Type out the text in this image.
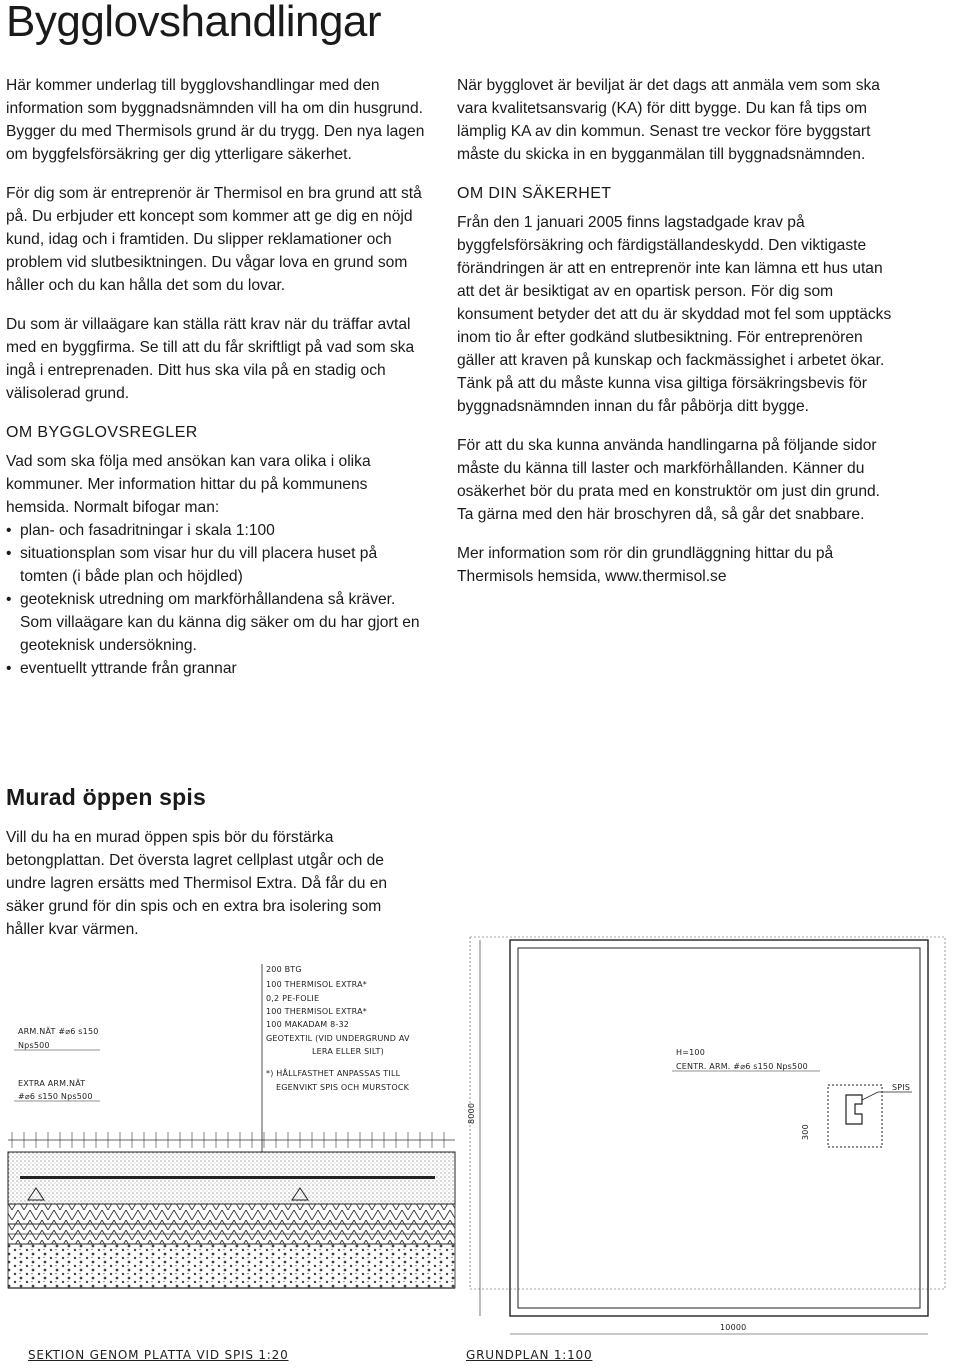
Bygglovshandlingar

Här kommer underlag till bygglovshandlingar med den information som byggnadsnämnden vill ha om din husgrund. Bygger du med Thermisols grund är du trygg. Den nya lagen om byggfelsförsäkring ger dig ytterligare säkerhet.

För dig som är entreprenör är Thermisol en bra grund att stå på. Du erbjuder ett koncept som kommer att ge dig en nöjd kund, idag och i framtiden. Du slipper reklamationer och problem vid slutbesiktningen. Du vågar lova en grund som håller och du kan hålla det som du lovar.

Du som är villaägare kan ställa rätt krav när du träffar avtal med en byggfirma. Se till att du får skriftligt på vad som ska ingå i entreprenaden. Ditt hus ska vila på en stadig och välisolerad grund.

OM BYGGLOVSREGLER

Vad som ska följa med ansökan kan vara olika i olika kommuner. Mer information hittar du på kommunens hemsida. Normalt bifogar man:

• plan- och fasadritningar i skala 1:100
• situationsplan som visar hur du vill placera huset på tomten (i både plan och höjdled)
• geoteknisk utredning om markförhållandena så kräver. Som villaägare kan du känna dig säker om du har gjort en geoteknisk undersökning.
• eventuellt yttrande från grannar

När bygglovet är beviljat är det dags att anmäla vem som ska vara kvalitetsansvarig (KA) för ditt bygge. Du kan få tips om lämplig KA av din kommun. Senast tre veckor före byggstart måste du skicka in en bygganmälan till byggnadsnämnden.

OM DIN SÄKERHET

Från den 1 januari 2005 finns lagstadgade krav på byggfelsförsäkring och färdigställandeskydd. Den viktigaste förändringen är att en entreprenör inte kan lämna ett hus utan att det är besiktigat av en opartisk person. För dig som konsument betyder det att du är skyddad mot fel som upptäcks inom tio år efter godkänd slutbesiktning. För entreprenören gäller att kraven på kunskap och fackmässighet i arbetet ökar. Tänk på att du måste kunna visa giltiga försäkringsbevis för byggnadsnämnden innan du får påbörja ditt bygge.

För att du ska kunna använda handlingarna på följande sidor måste du känna till laster och markförhållanden. Känner du osäkerhet bör du prata med en konstruktör om just din grund. Ta gärna med den här broschyren då, så går det snabbare.

Mer information som rör din grundläggning hittar du på Thermisols hemsida, www.thermisol.se

Murad öppen spis

Vill du ha en murad öppen spis bör du förstärka betongplattan. Det översta lagret cellplast utgår och de undre lagren ersätts med Thermisol Extra. Då får du en säker grund för din spis och en extra bra isolering som håller kvar värmen.

200 BTG
100 THERMISOL EXTRA*
0,2 PE-FOLIE
100 THERMISOL EXTRA*
100 MAKADAM 8-32
GEOTEXTIL (VID UNDERGRUND AV
LERA ELLER SILT)
*) HÅLLFASTHET ANPASSAS TILL
EGENVIKT SPIS OCH MURSTOCK
ARM.NÄT #⌀6 s150
Nps500
EXTRA ARM.NÄT
#⌀6 s150 Nps500
SPIS
H=100
CENTR. ARM. #⌀6 s150 Nps500
300
8000
10000
SEKTION GENOM PLATTA VID SPIS 1:20	GRUNDPLAN 1:100
